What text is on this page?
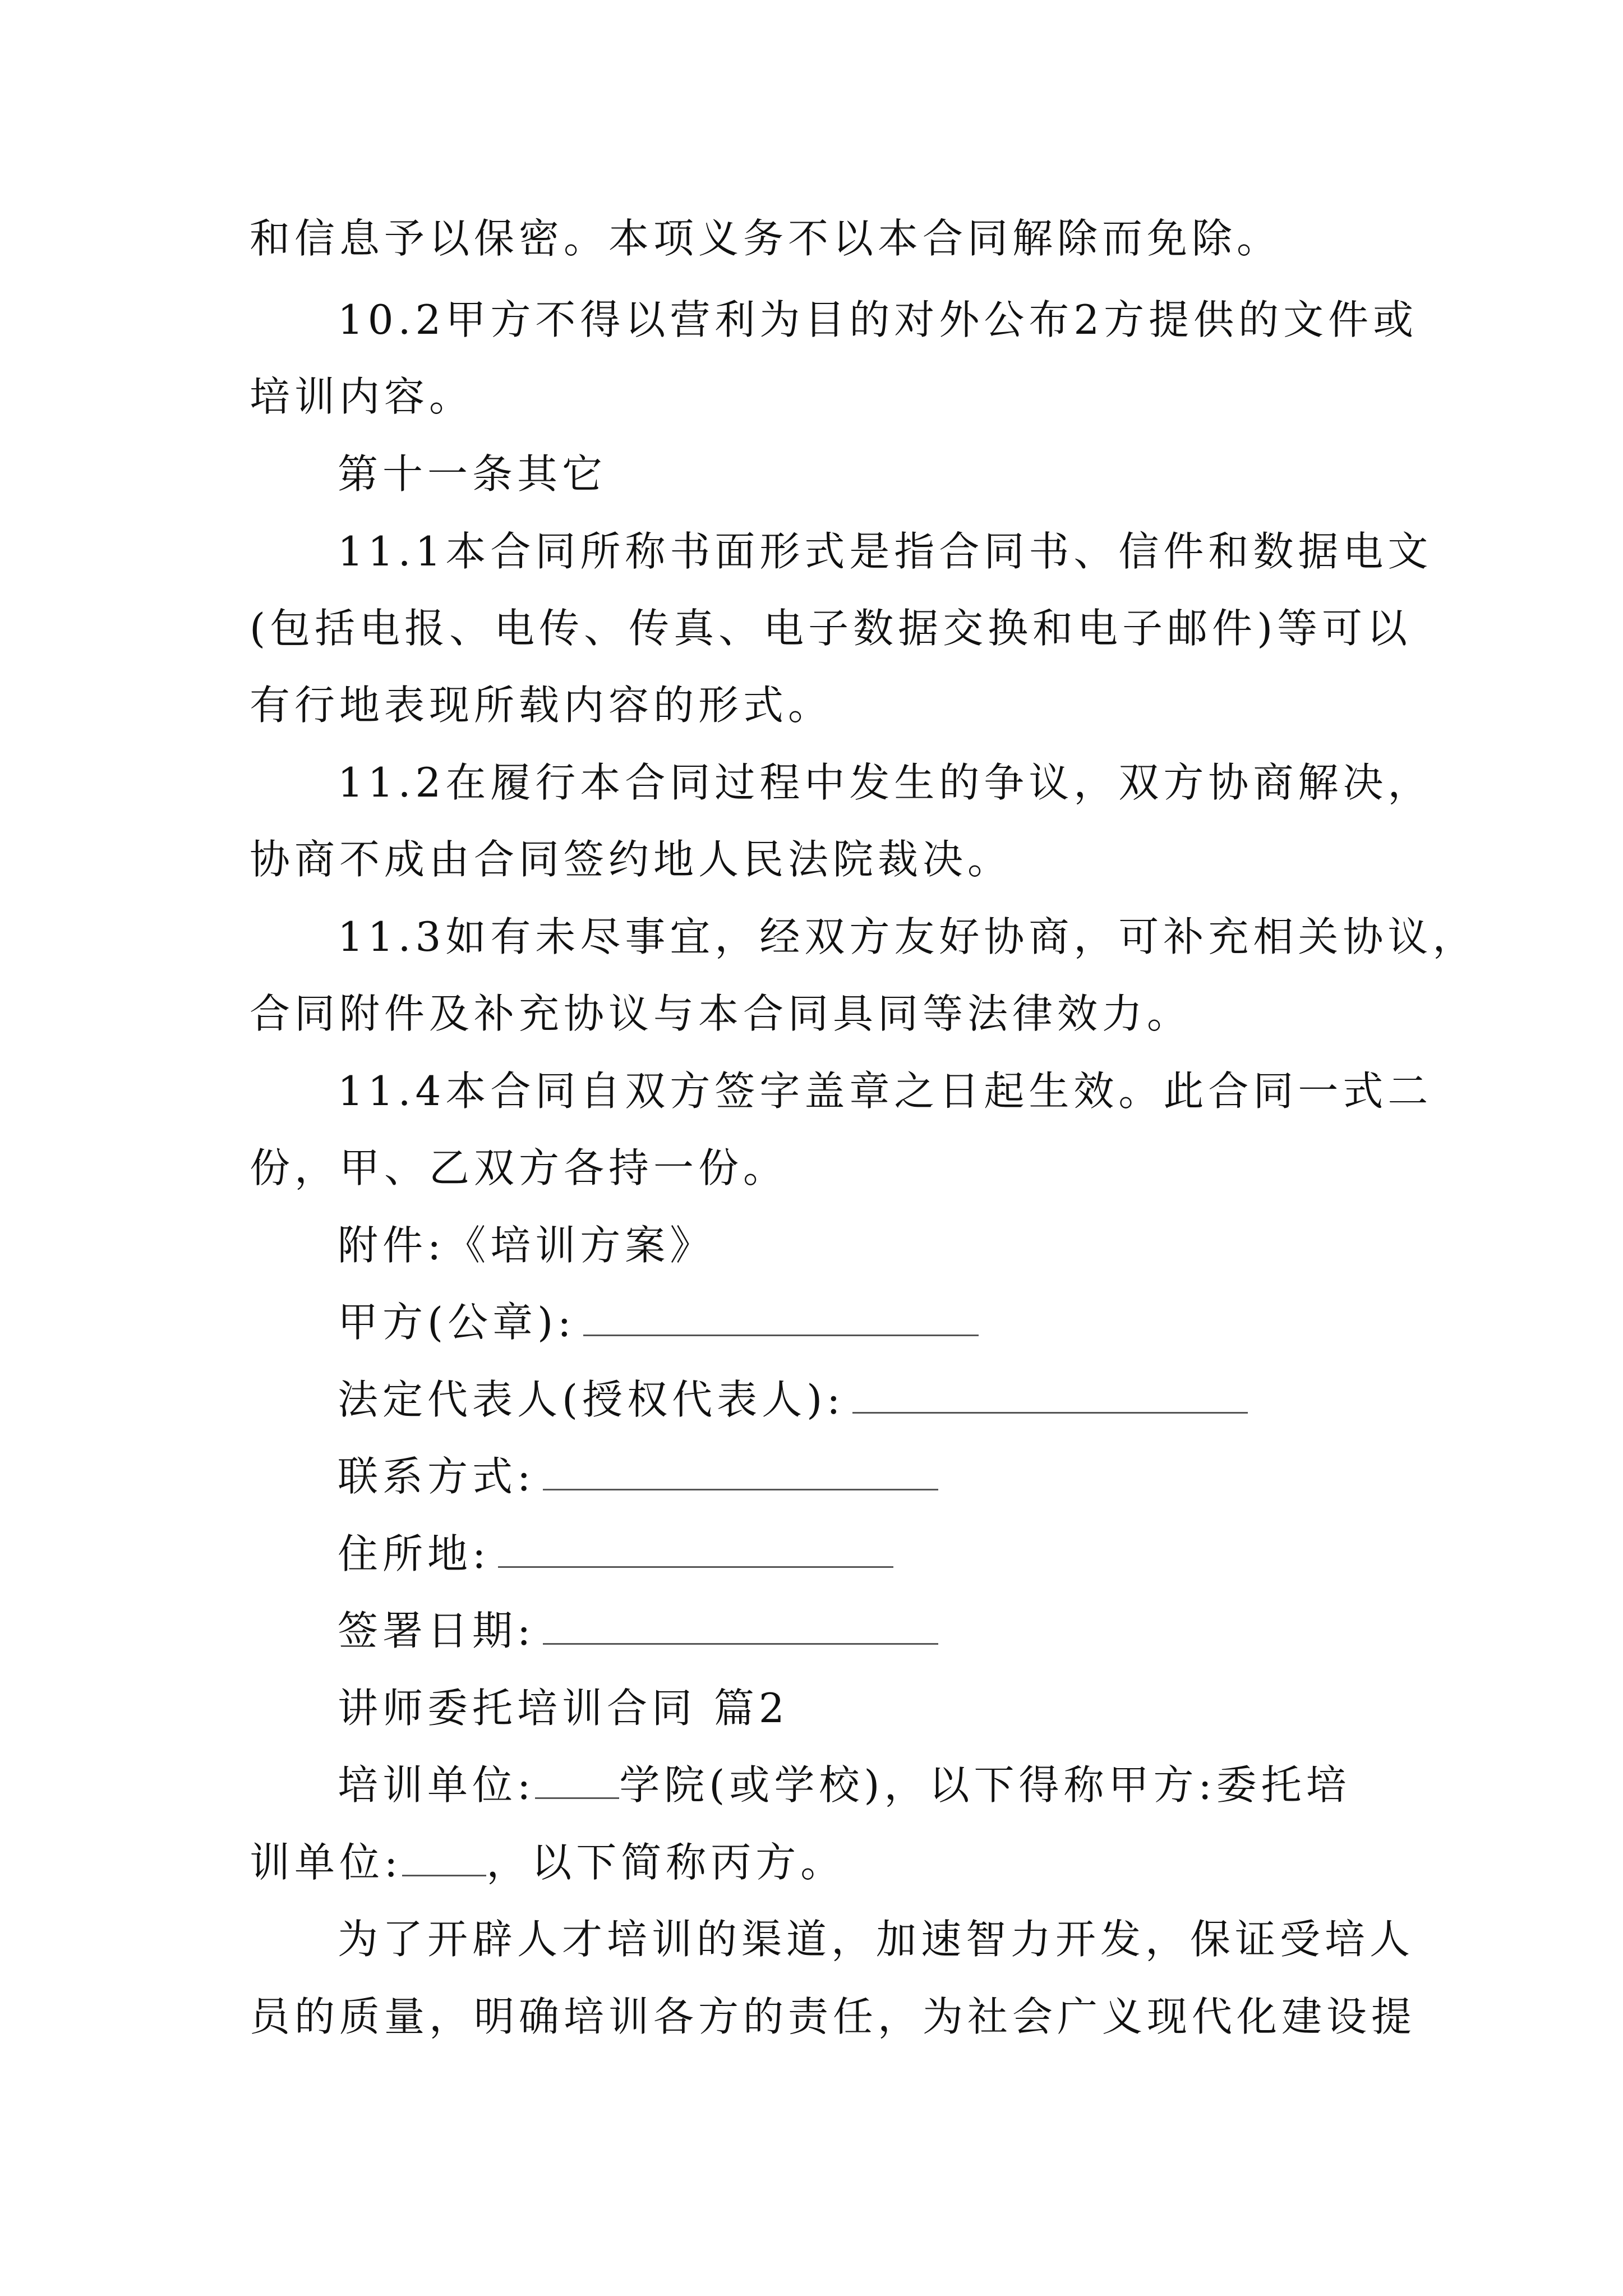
和信息予以保密。本项义务不以本合同解除而免除。
10.2甲方不得以营利为目的对外公布2方提供的文件或
培训内容。
第十一条其它
11.1本合同所称书面形式是指合同书、信件和数据电文
(包括电报、电传、传真、电子数据交换和电子邮件)等可以
有行地表现所载内容的形式。
11.2在履行本合同过程中发生的争议，双方协商解决，
协商不成由合同签约地人民法院裁决。
11.3如有未尽事宜，经双方友好协商，可补充相关协议，
合同附件及补充协议与本合同具同等法律效力。
11.4本合同自双方签字盖章之日起生效。此合同一式二
份，甲、乙双方各持一份。
附件:《培训方案》
甲方(公章):
法定代表人(授权代表人):
联系方式:
住所地:
签署日期:
讲师委托培训合同 篇2
培训单位: 学院(或学校)，以下得称甲方:委托培
训单位: ，以下简称丙方。
为了开辟人才培训的渠道，加速智力开发，保证受培人
员的质量，明确培训各方的责任，为社会广义现代化建设提
